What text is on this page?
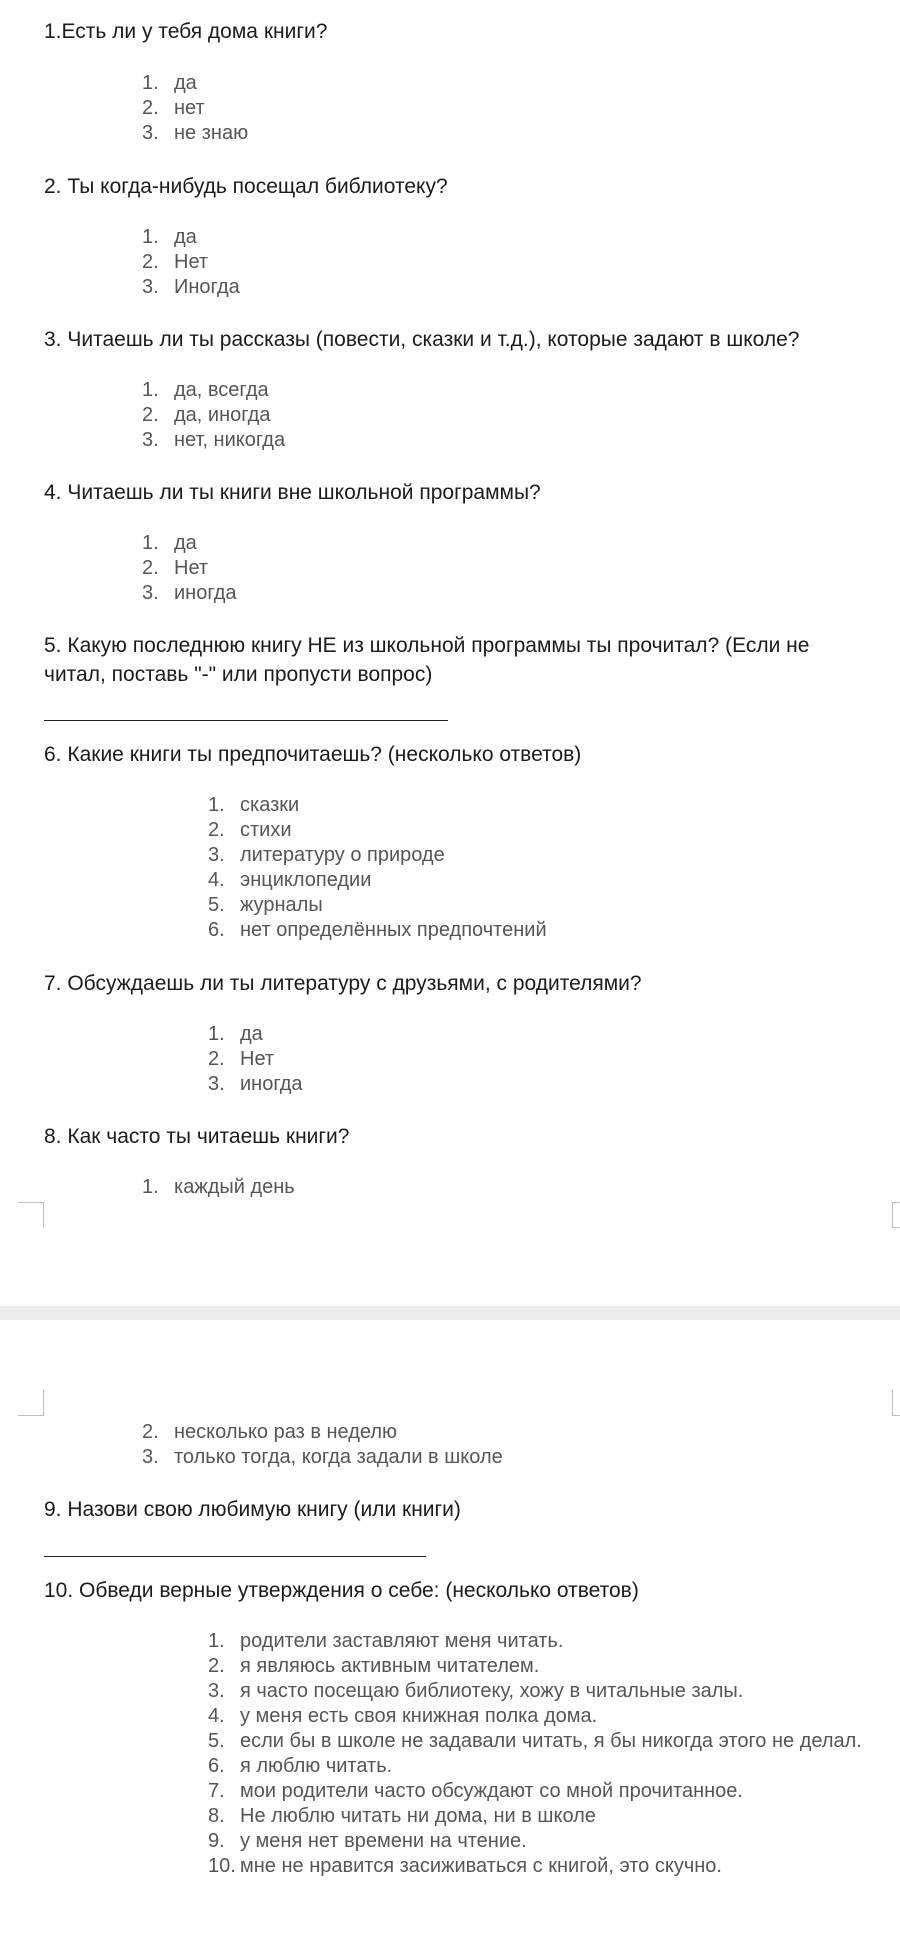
1.Есть ли у тебя дома книги?
1. да
2. нет
3. не знаю
2. Ты когда-нибудь посещал библиотеку?
1. да
2. Нет
3. Иногда
3. Читаешь ли ты рассказы (повести, сказки и т.д.), которые задают в школе?
1. да, всегда
2. да, иногда
3. нет, никогда
4. Читаешь ли ты книги вне школьной программы?
1. да
2. Нет
3. иногда
5. Какую последнюю книгу НЕ из школьной программы ты прочитал? (Если не читал, поставь "-" или пропусти вопрос)
6. Какие книги ты предпочитаешь? (несколько ответов)
1. сказки
2. стихи
3. литературу о природе
4. энциклопедии
5. журналы
6. нет определённых предпочтений
7. Обсуждаешь ли ты литературу с друзьями, с родителями?
1. да
2. Нет
3. иногда
8. Как часто ты читаешь книги?
1. каждый день
2. несколько раз в неделю
3. только тогда, когда задали в школе
9. Назови свою любимую книгу (или книги)
10. Обведи верные утверждения о себе: (несколько ответов)
1. родители заставляют меня читать.
2. я являюсь активным читателем.
3. я часто посещаю библиотеку, хожу в читальные залы.
4. у меня есть своя книжная полка дома.
5. если бы в школе не задавали читать, я бы никогда этого не делал.
6. я люблю читать.
7. мои родители часто обсуждают со мной прочитанное.
8. Не люблю читать ни дома, ни в школе
9. у меня нет времени на чтение.
10. мне не нравится засиживаться с книгой, это скучно.
